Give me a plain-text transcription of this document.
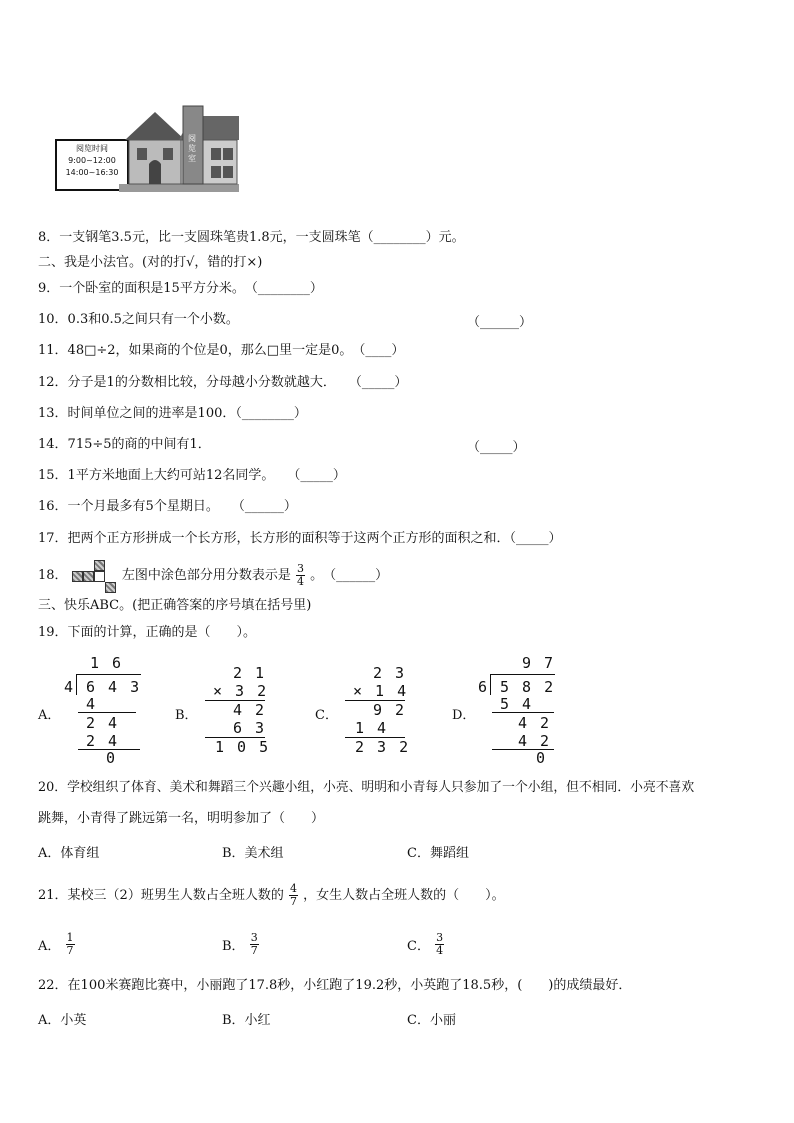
阅览时间
9:00~12:00
14:00~16:30
阅览室
8．一支钢笔3.5元，比一支圆珠笔贵1.8元，一支圆珠笔（________）元。
二、我是小法官。(对的打√，错的打×)
9．一个卧室的面积是15平方分米。　（________）
10．0.3和0.5之间只有一个小数。	（______）
11．48□÷2，如果商的个位是0，那么□里一定是0。　（____）
12．分子是1的分数相比较，分母越小分数就越大．　　（_____）
13．时间单位之间的进率是100．（________）
14．715÷5的商的中间有1．	（_____）
15．1平方米地面上大约可站12名同学。　　（_____）
16．一个月最多有5个星期日。　　（______）
17．把两个正方形拼成一个长方形，长方形的面积等于这两个正方形的面积之和．（_____）
18．	左图中涂色部分用分数表示是 $\frac{3}{4}$ 。　（______）
三、快乐ABC。(把正确答案的序号填在括号里)
19．下面的计算，正确的是（　　）。
A．
1 6
4 6 4 3
4
2 4
2 4
0
B．
2 1
× 3 2
4 2
6 3
1 0 5
C．
2 3
× 1 4
9 2
1 4
2 3 2
D．
9 7
6 5 8 2
5 4
4 2
4 2
0
20．学校组织了体育、美术和舞蹈三个兴趣小组，小亮、明明和小青每人只参加了一个小组，但不相同．小亮不喜欢
跳舞，小青得了跳远第一名，明明参加了（　　）
A．体育组	B．美术组	C．舞蹈组
21．某校三（2）班男生人数占全班人数的 $\frac{4}{7}$ ，女生人数占全班人数的（　　）。
A． $\frac{1}{7}$	B． $\frac{3}{7}$	C． $\frac{3}{4}$
22．在100米赛跑比赛中，小丽跑了17.8秒，小红跑了19.2秒，小英跑了18.5秒，(　　)的成绩最好．
A．小英	B．小红	C．小丽
